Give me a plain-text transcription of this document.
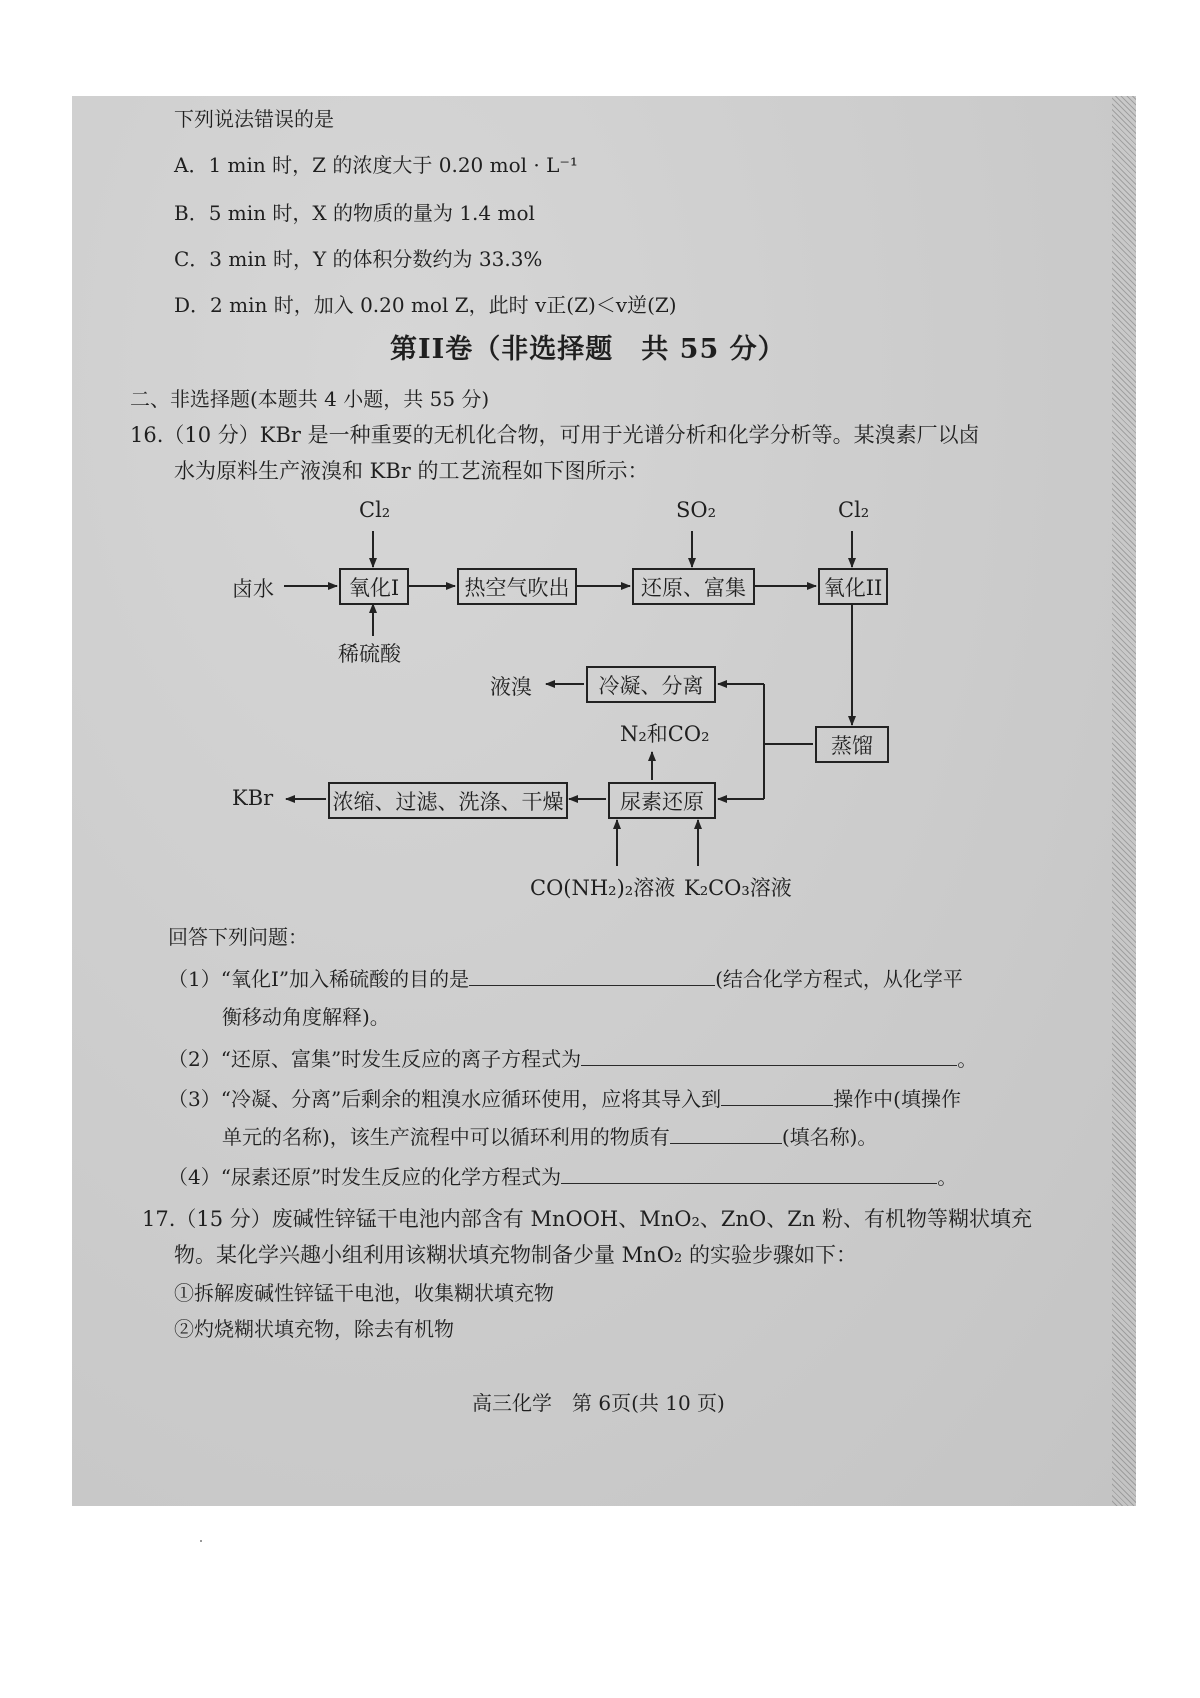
下列说法错误的是
A．1 min 时，Z 的浓度大于 0.20 mol · L⁻¹
B．5 min 时，X 的物质的量为 1.4 mol
C．3 min 时，Y 的体积分数约为 33.3%
D．2 min 时，加入 0.20 mol Z，此时 v正(Z)＜v逆(Z)
第II卷（非选择题　共 55 分）
二、非选择题(本题共 4 小题，共 55 分)
16.（10 分）KBr 是一种重要的无机化合物，可用于光谱分析和化学分析等。某溴素厂以卤
水为原料生产液溴和 KBr 的工艺流程如下图所示：
Cl₂	SO₂	Cl₂
卤水	氧化I	热空气吹出	还原、富集	氧化II
稀硫酸
液溴	冷凝、分离
N₂和CO₂	蒸馏
KBr	浓缩、过滤、洗涤、干燥	尿素还原
CO(NH₂)₂溶液 K₂CO₃溶液
回答下列问题：
（1）“氧化I”加入稀硫酸的目的是	(结合化学方程式，从化学平
衡移动角度解释)。
（2）“还原、富集”时发生反应的离子方程式为	。
（3）“冷凝、分离”后剩余的粗溴水应循环使用，应将其导入到	操作中(填操作
单元的名称)，该生产流程中可以循环利用的物质有	(填名称)。
（4）“尿素还原”时发生反应的化学方程式为	。
17.（15 分）废碱性锌锰干电池内部含有 MnOOH、MnO₂、ZnO、Zn 粉、有机物等糊状填充
物。某化学兴趣小组利用该糊状填充物制备少量 MnO₂ 的实验步骤如下：
①拆解废碱性锌锰干电池，收集糊状填充物
②灼烧糊状填充物，除去有机物
高三化学　第 6页(共 10 页)
